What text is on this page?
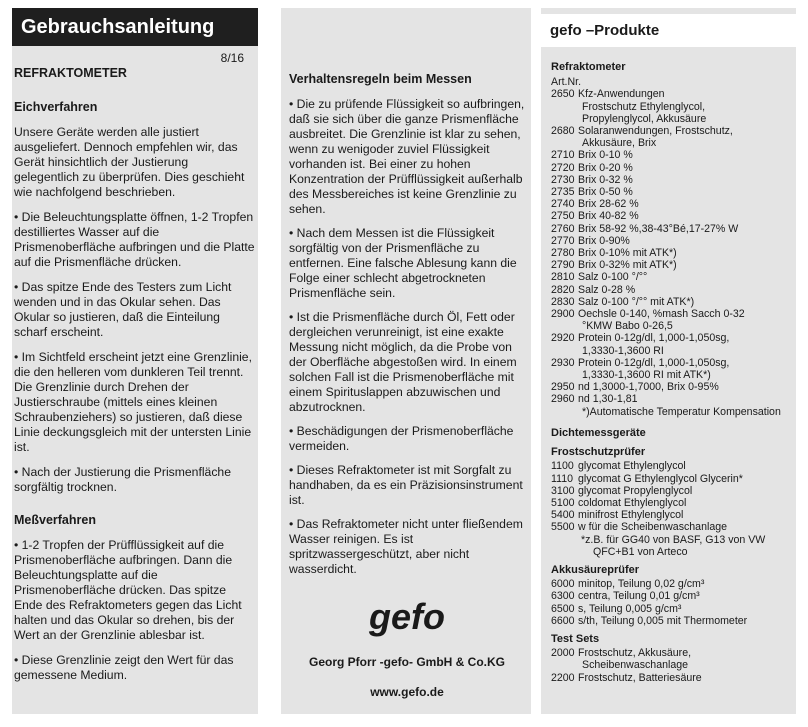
Gebrauchsanleitung
8/16
REFRAKTOMETER
Eichverfahren

Unsere Geräte werden alle justiert ausgeliefert. Dennoch empfehlen wir, das Gerät hinsichtlich der Justierung gelegentlich zu überprüfen. Dies geschieht wie nachfolgend beschrieben.

• Die Beleuchtungsplatte öffnen, 1-2 Tropfen destilliertes Wasser auf die Prismenoberfläche aufbringen und die Platte auf die Prismenfläche drücken.

• Das spitze Ende des Testers zum Licht wenden und in das Okular sehen. Das Okular so justieren, daß die Einteilung scharf erscheint.

• Im Sichtfeld erscheint jetzt eine Grenzlinie, die den helleren vom dunkleren Teil trennt. Die Grenzlinie durch Drehen der Justierschraube (mittels eines kleinen Schraubenziehers) so justieren, daß diese Linie deckungsgleich mit der untersten Linie ist.

• Nach der Justierung die Prismenfläche sorgfältig trocknen.

Meßverfahren

• 1-2 Tropfen der Prüfflüssigkeit auf die Prismenoberfläche aufbringen. Dann die Beleuchtungsplatte auf die Prismenoberfläche drücken. Das spitze Ende des Refraktometers gegen das Licht halten und das Okular so drehen, bis der Wert an der Grenzlinie ablesbar ist.

• Diese Grenzlinie zeigt den Wert für das gemessene Medium.

Verhaltensregeln beim Messen

• Die zu prüfende Flüssigkeit so aufbringen, daß sie sich über die ganze Prismenfläche ausbreitet. Die Grenzlinie ist klar zu sehen, wenn zu wenigoder zuviel Flüssigkeit vorhanden ist. Bei einer zu hohen Konzentration der Prüfflüssigkeit außerhalb des Messbereiches ist keine Grenzlinie zu sehen.

• Nach dem Messen ist die Flüssigkeit sorgfältig von der Prismenfläche zu entfernen. Eine falsche Ablesung kann die Folge einer schlecht abgetrockneten Prismenfläche sein.

• Ist die Prismenfläche durch Öl, Fett oder dergleichen verunreinigt, ist eine exakte Messung nicht möglich, da die Probe von der Oberfläche abgestoßen wird. In einem solchen Fall ist die Prismenoberfläche mit einem Spirituslappen abzuwischen und abzutrocknen.

• Beschädigungen der Prismenoberfläche vermeiden.

• Dieses Refraktometer ist mit Sorgfalt zu handhaben, da es ein Präzisionsinstrument ist.

• Das Refraktometer nicht unter fließendem Wasser reinigen. Es ist spritzwassergeschützt, aber nicht wasserdicht.

gefo
Georg Pforr -gefo- GmbH & Co.KG
www.gefo.de
gefo –Produkte
Refraktometer
Art.Nr.
2650 Kfz-Anwendungen
Frostschutz Ethylenglycol,
Propylenglycol, Akkusäure
2680 Solaranwendungen, Frostschutz,
Akkusäure, Brix
2710 Brix 0-10 %
2720 Brix 0-20 %
2730 Brix 0-32 %
2735 Brix 0-50 %
2740 Brix 28-62 %
2750 Brix 40-82 %
2760 Brix 58-92 %,38-43°Bé,17-27% W
2770 Brix 0-90%
2780 Brix 0-10% mit ATK*)
2790 Brix 0-32% mit ATK*)
2810 Salz 0-100 °/°°
2820 Salz 0-28 %
2830 Salz 0-100 °/°° mit ATK*)
2900 Oechsle 0-140, %mash Sacch 0-32
°KMW Babo 0-26,5
2920 Protein 0-12g/dl, 1,000-1,050sg,
1,3330-1,3600 RI
2930 Protein 0-12g/dl, 1,000-1,050sg,
1,3330-1,3600 RI mit ATK*)
2950 nd 1,3000-1,7000, Brix 0-95%
2960 nd 1,30-1,81
*)Automatische Temperatur Kompensation
Dichtemessgeräte
Frostschutzprüfer
1100 glycomat Ethylenglycol
1110 glycomat G Ethylenglycol Glycerin*
3100 glycomat Propylenglycol
5100 coldomat Ethylenglycol
5400 minifrost Ethylenglycol
5500 w für die Scheibenwaschanlage
*z.B. für GG40 von BASF, G13 von VW
QFC+B1 von Arteco
Akkusäureprüfer
6000 minitop, Teilung 0,02 g/cm³
6300 centra, Teilung 0,01 g/cm³
6500 s, Teilung 0,005 g/cm³
6600 s/th, Teilung 0,005 mit Thermometer
Test Sets
2000 Frostschutz, Akkusäure,
Scheibenwaschanlage
2200 Frostschutz, Batteriesäure
